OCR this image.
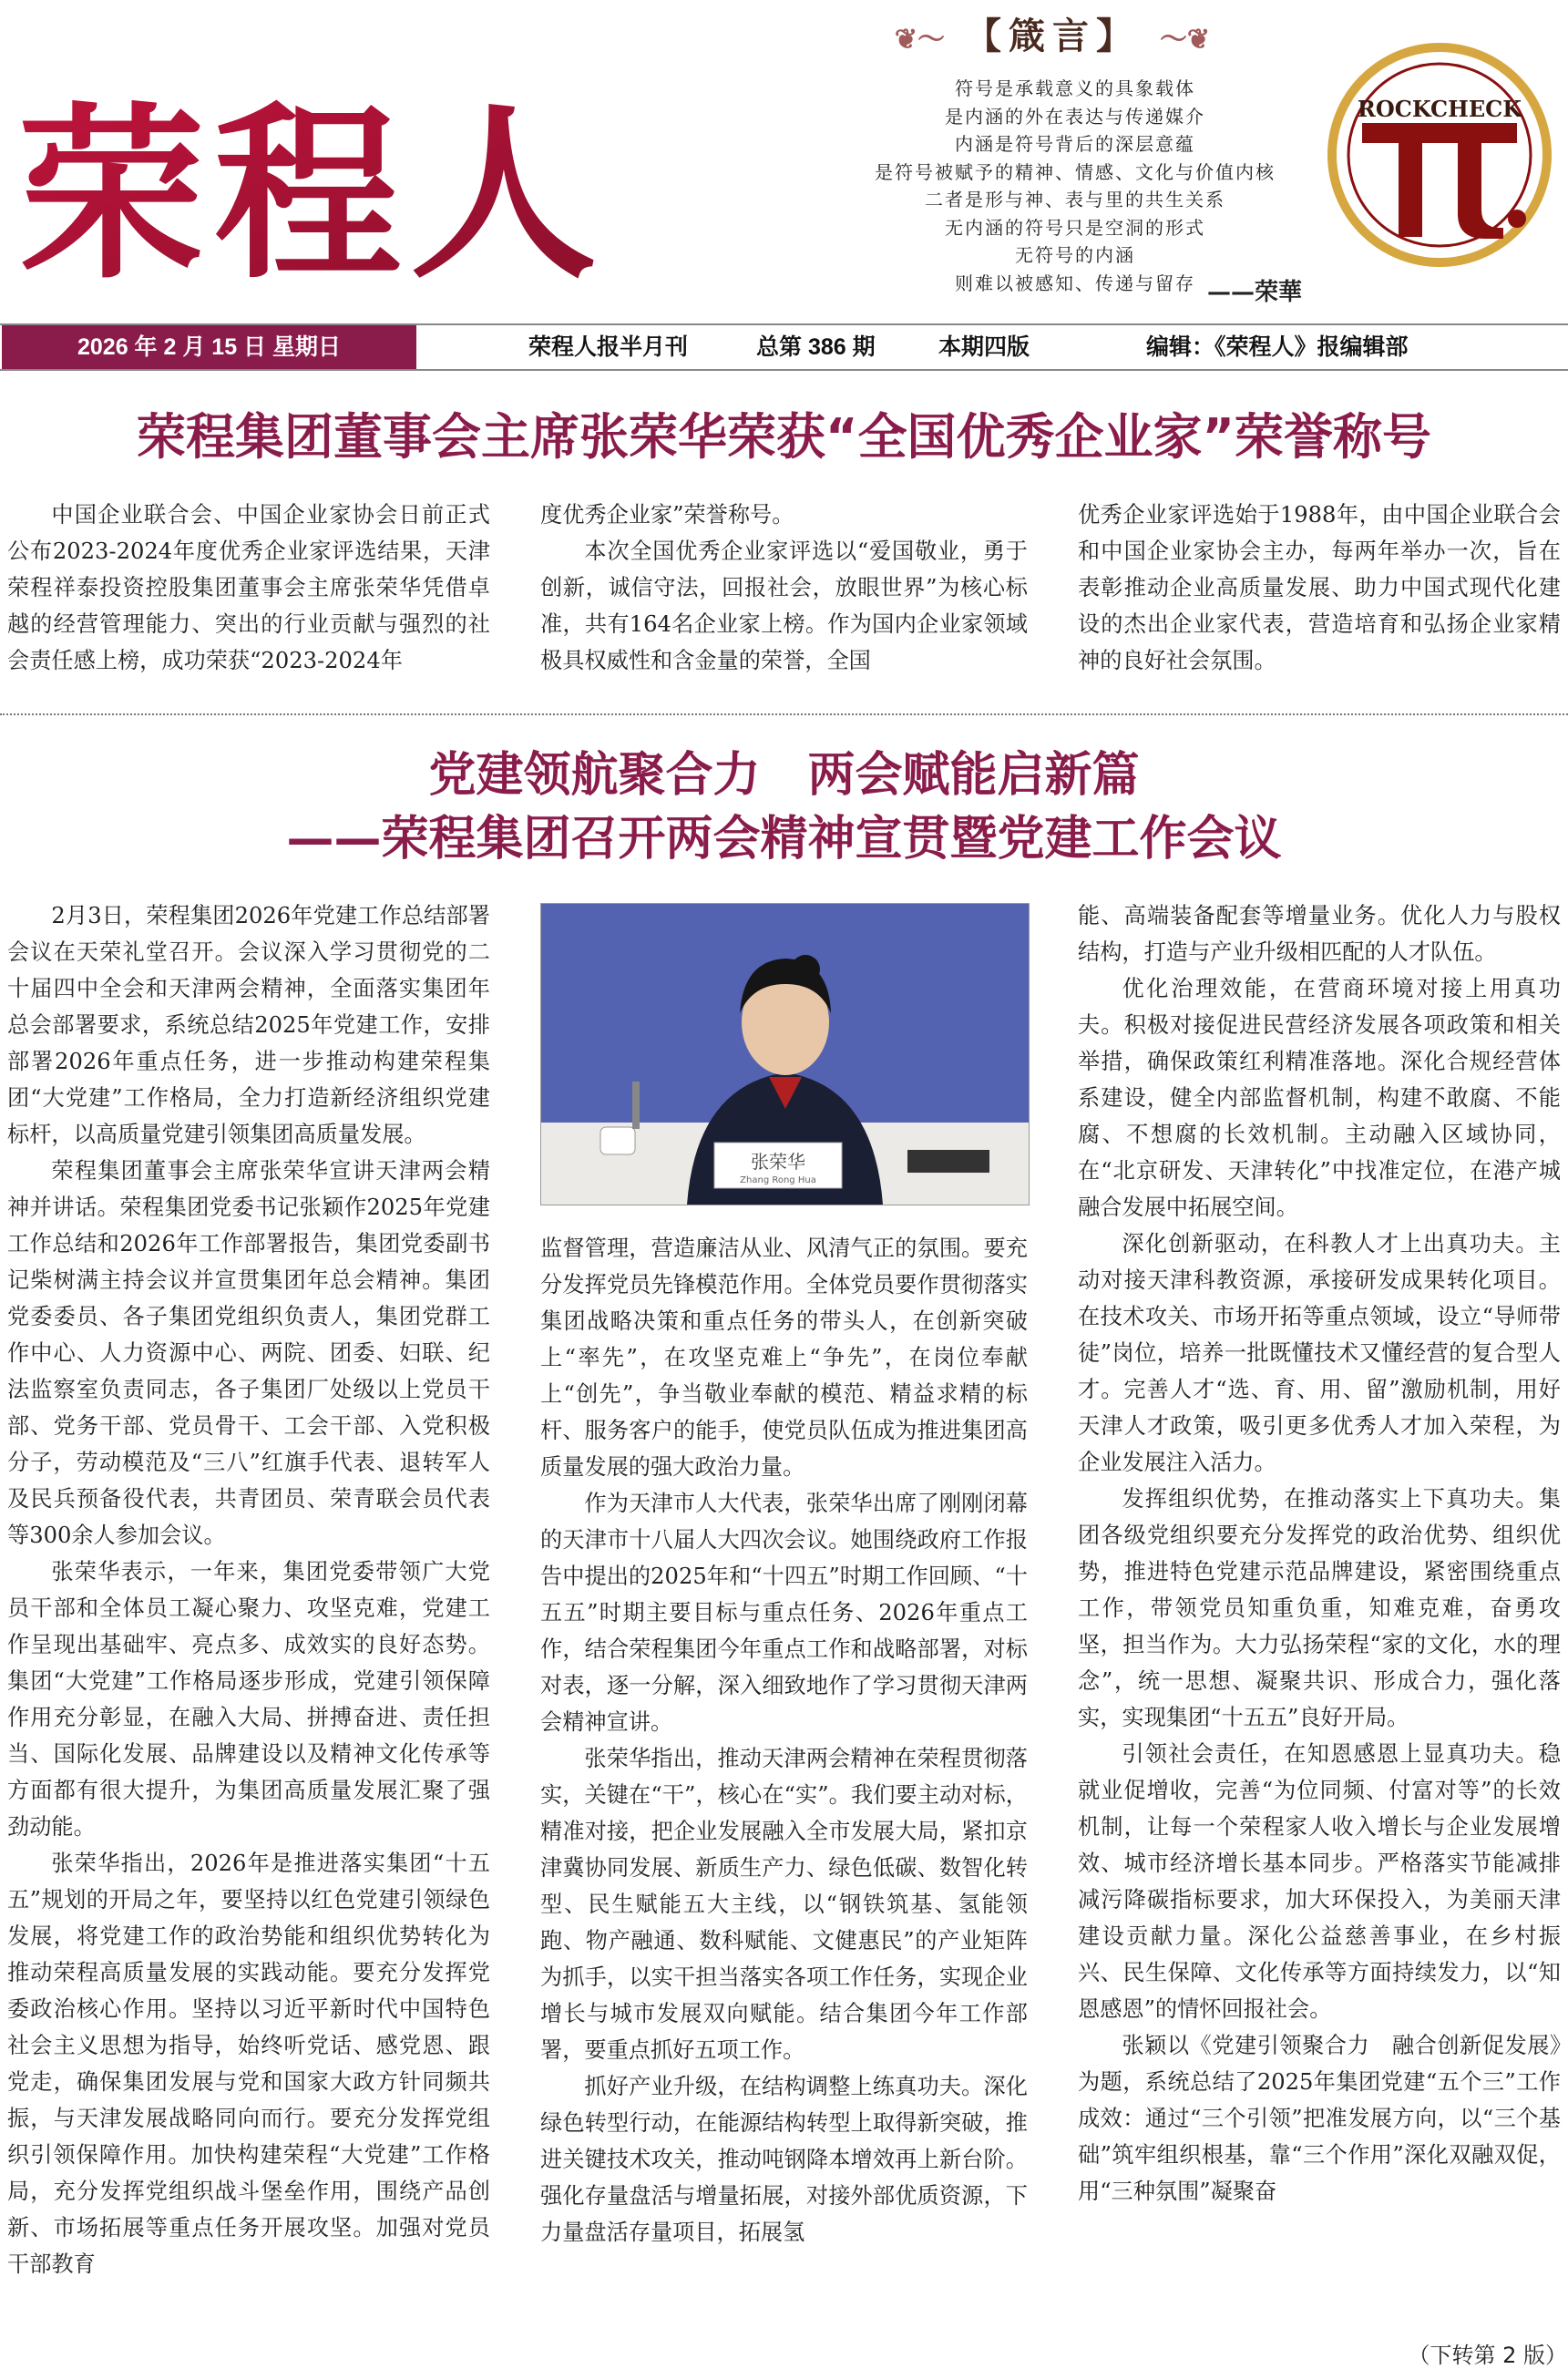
荣程人
❦〜 【箴言】 〜❦
符号是承载意义的具象载体
是内涵的外在表达与传递媒介
内涵是符号背后的深层意蕴
是符号被赋予的精神、情感、文化与价值内核
二者是形与神、表与里的共生关系
无内涵的符号只是空洞的形式
无符号的内涵
则难以被感知、传递与留存 ——荣華
ROCKCHECK
2026 年 2 月 15 日 星期日	荣程人报半月刊	总第 386 期	本期四版	编辑：《荣程人》报编辑部
荣程集团董事会主席张荣华荣获“全国优秀企业家”荣誉称号

中国企业联合会、中国企业家协会日前正式公布2023-2024年度优秀企业家评选结果，天津荣程祥泰投资控股集团董事会主席张荣华凭借卓越的经营管理能力、突出的行业贡献与强烈的社会责任感上榜，成功荣获“2023-2024年

度优秀企业家”荣誉称号。

本次全国优秀企业家评选以“爱国敬业，勇于创新，诚信守法，回报社会，放眼世界”为核心标准，共有164名企业家上榜。作为国内企业家领域极具权威性和含金量的荣誉，全国

优秀企业家评选始于1988年，由中国企业联合会和中国企业家协会主办，每两年举办一次，旨在表彰推动企业高质量发展、助力中国式现代化建设的杰出企业家代表，营造培育和弘扬企业家精神的良好社会氛围。

党建领航聚合力　两会赋能启新篇
——荣程集团召开两会精神宣贯暨党建工作会议

2月3日，荣程集团2026年党建工作总结部署会议在天荣礼堂召开。会议深入学习贯彻党的二十届四中全会和天津两会精神，全面落实集团年总会部署要求，系统总结2025年党建工作，安排部署2026年重点任务，进一步推动构建荣程集团“大党建”工作格局，全力打造新经济组织党建标杆，以高质量党建引领集团高质量发展。

荣程集团董事会主席张荣华宣讲天津两会精神并讲话。荣程集团党委书记张颖作2025年党建工作总结和2026年工作部署报告，集团党委副书记柴树满主持会议并宣贯集团年总会精神。集团党委委员、各子集团党组织负责人，集团党群工作中心、人力资源中心、两院、团委、妇联、纪法监察室负责同志，各子集团厂处级以上党员干部、党务干部、党员骨干、工会干部、入党积极分子，劳动模范及“三八”红旗手代表、退转军人及民兵预备役代表，共青团员、荣青联会员代表等300余人参加会议。

张荣华表示，一年来，集团党委带领广大党员干部和全体员工凝心聚力、攻坚克难，党建工作呈现出基础牢、亮点多、成效实的良好态势。集团“大党建”工作格局逐步形成，党建引领保障作用充分彰显，在融入大局、拼搏奋进、责任担当、国际化发展、品牌建设以及精神文化传承等方面都有很大提升，为集团高质量发展汇聚了强劲动能。

张荣华指出，2026年是推进落实集团“十五五”规划的开局之年，要坚持以红色党建引领绿色发展，将党建工作的政治势能和组织优势转化为推动荣程高质量发展的实践动能。要充分发挥党委政治核心作用。坚持以习近平新时代中国特色社会主义思想为指导，始终听党话、感党恩、跟党走，确保集团发展与党和国家大政方针同频共振，与天津发展战略同向而行。要充分发挥党组织引领保障作用。加快构建荣程“大党建”工作格局，充分发挥党组织战斗堡垒作用，围绕产品创新、市场拓展等重点任务开展攻坚。加强对党员干部教育

张荣华
Zhang Rong Hua

监督管理，营造廉洁从业、风清气正的氛围。要充分发挥党员先锋模范作用。全体党员要作贯彻落实集团战略决策和重点任务的带头人，在创新突破上“率先”，在攻坚克难上“争先”，在岗位奉献上“创先”，争当敬业奉献的模范、精益求精的标杆、服务客户的能手，使党员队伍成为推进集团高质量发展的强大政治力量。

作为天津市人大代表，张荣华出席了刚刚闭幕的天津市十八届人大四次会议。她围绕政府工作报告中提出的2025年和“十四五”时期工作回顾、“十五五”时期主要目标与重点任务、2026年重点工作，结合荣程集团今年重点工作和战略部署，对标对表，逐一分解，深入细致地作了学习贯彻天津两会精神宣讲。

张荣华指出，推动天津两会精神在荣程贯彻落实，关键在“干”，核心在“实”。我们要主动对标，精准对接，把企业发展融入全市发展大局，紧扣京津冀协同发展、新质生产力、绿色低碳、数智化转型、民生赋能五大主线，以“钢铁筑基、氢能领跑、物产融通、数科赋能、文健惠民”的产业矩阵为抓手，以实干担当落实各项工作任务，实现企业增长与城市发展双向赋能。结合集团今年工作部署，要重点抓好五项工作。

抓好产业升级，在结构调整上练真功夫。深化绿色转型行动，在能源结构转型上取得新突破，推进关键技术攻关，推动吨钢降本增效再上新台阶。强化存量盘活与增量拓展，对接外部优质资源，下力量盘活存量项目，拓展氢

能、高端装备配套等增量业务。优化人力与股权结构，打造与产业升级相匹配的人才队伍。

优化治理效能，在营商环境对接上用真功夫。积极对接促进民营经济发展各项政策和相关举措，确保政策红利精准落地。深化合规经营体系建设，健全内部监督机制，构建不敢腐、不能腐、不想腐的长效机制。主动融入区域协同，在“北京研发、天津转化”中找准定位，在港产城融合发展中拓展空间。

深化创新驱动，在科教人才上出真功夫。主动对接天津科教资源，承接研发成果转化项目。在技术攻关、市场开拓等重点领域，设立“导师带徒”岗位，培养一批既懂技术又懂经营的复合型人才。完善人才“选、育、用、留”激励机制，用好天津人才政策，吸引更多优秀人才加入荣程，为企业发展注入活力。

发挥组织优势，在推动落实上下真功夫。集团各级党组织要充分发挥党的政治优势、组织优势，推进特色党建示范品牌建设，紧密围绕重点工作，带领党员知重负重，知难克难，奋勇攻坚，担当作为。大力弘扬荣程“家的文化，水的理念”，统一思想、凝聚共识、形成合力，强化落实，实现集团“十五五”良好开局。

引领社会责任，在知恩感恩上显真功夫。稳就业促增收，完善“为位同频、付富对等”的长效机制，让每一个荣程家人收入增长与企业发展增效、城市经济增长基本同步。严格落实节能减排减污降碳指标要求，加大环保投入，为美丽天津建设贡献力量。深化公益慈善事业，在乡村振兴、民生保障、文化传承等方面持续发力，以“知恩感恩”的情怀回报社会。

张颖以《党建引领聚合力　融合创新促发展》为题，系统总结了2025年集团党建“五个三”工作成效：通过“三个引领”把准发展方向，以“三个基础”筑牢组织根基，靠“三个作用”深化双融双促，用“三种氛围”凝聚奋

（下转第 2 版）
